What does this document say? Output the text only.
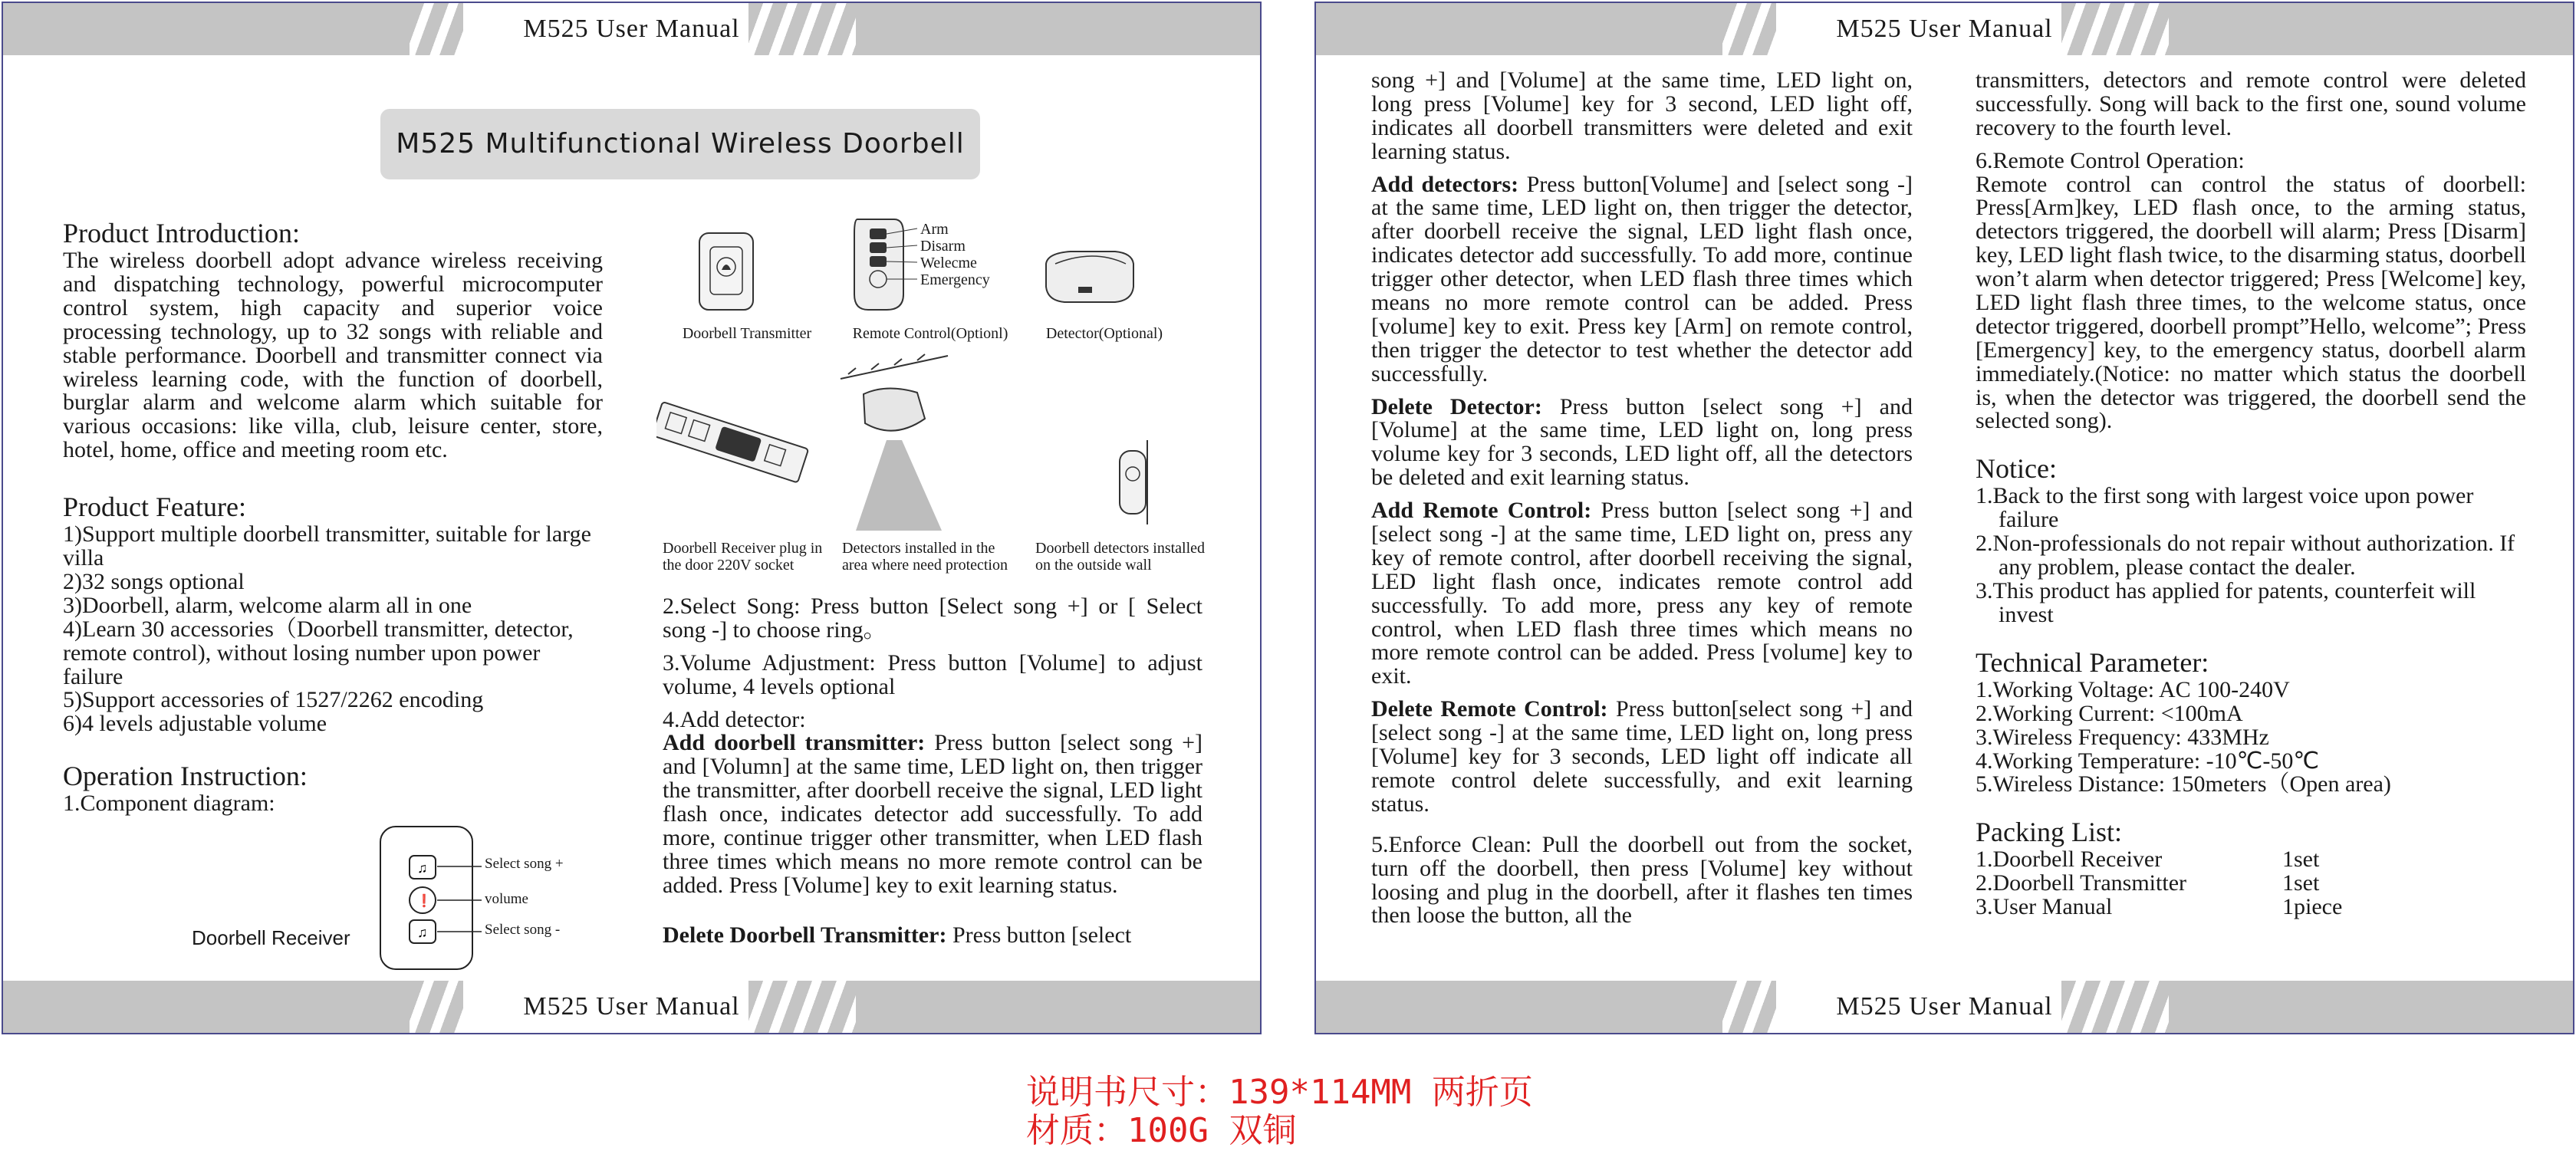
M525 User Manual
M525 Multifunctional Wireless Doorbell
Product Introduction:

The wireless doorbell adopt advance wireless receiving and dispatching technology, powerful microcomputer control system, high capacity and superior voice processing technology, up to 32 songs with reliable and stable performance. Doorbell and transmitter connect via wireless learning code, with the function of doorbell, burglar alarm and welcome alarm which suitable for various occasions: like villa, club, leisure center, store, hotel, home, office and meeting room etc.

Product Feature:
1)Support multiple doorbell transmitter, suitable for large villa
2)32 songs optional
3)Doorbell, alarm, welcome alarm all in one
4)Learn 30 accessories（Doorbell transmitter, detector, remote control), without losing number upon power failure
5)Support accessories of 1527/2262 encoding
6)4 levels adjustable volume
Operation Instruction:
1.Component diagram:
Doorbell Receiver
♫
❗
♫
Select song +
volume
Select song -
Arm
Disarm
Welecme
Emergency
Doorbell Transmitter	Remote Control(Optionl)	Detector(Optional)
Doorbell Receiver plug in the door 220V socket
Detectors installed in the area where need protection
Doorbell detectors installed on the outside wall

2.Select Song: Press button [Select song +] or [ Select song -] to choose ring。

3.Volume Adjustment: Press button [Volume] to adjust volume, 4 levels optional

4.Add detector:

Add doorbell transmitter: Press button [select song +] and [Volumn] at the same time, LED light on, then trigger the transmitter, after doorbell receive the signal, LED light flash once, indicates detector add successfully. To add more, continue trigger other transmitter, when LED flash three times which means no more remote control can be added. Press [Volume] key to exit learning status.

Delete Doorbell Transmitter: Press button [select

M525 User Manual
M525 User Manual

song +] and [Volume] at the same time, LED light on, long press [Volume] key for 3 second, LED light off, indicates all doorbell transmitters were deleted and exit learning status.

Add detectors: Press button[Volume] and [select song -] at the same time, LED light on, then trigger the detector, after doorbell receive the signal, LED light flash once, indicates detector add successfully. To add more, continue trigger other detector, when LED flash three times which means no more remote control can be added. Press [volume] key to exit. Press key [Arm] on remote control, then trigger the detector to test whether the detector add successfully.

Delete Detector: Press button [select song +] and [Volume] at the same time, LED light on, long press volume key for 3 seconds, LED light off, all the detectors be deleted and exit learning status.

Add Remote Control: Press button [select song +] and [select song -] at the same time, LED light on, press any key of remote control, after doorbell receiving the signal, LED light flash once, indicates remote control add successfully. To add more, press any key of remote control, when LED flash three times which means no more remote control can be added. Press [volume] key to exit.

Delete Remote Control: Press button[select song +] and [select song -] at the same time, LED light on, long press [Volume] key for 3 seconds, LED light off indicate all remote control delete successfully, and exit learning status.

5.Enforce Clean: Pull the doorbell out from the socket, turn off the doorbell, then press [Volume] key without loosing and plug in the doorbell, after it flashes ten times then loose the button, all the

transmitters, detectors and remote control were deleted successfully. Song will back to the first one, sound volume recovery to the fourth level.

6.Remote Control Operation:

Remote control can control the status of doorbell: Press[Arm]key, LED flash once, to the arming status, detectors triggered, the doorbell will alarm; Press [Disarm] key, LED light flash twice, to the disarming status, doorbell won’t alarm when detector triggered; Press [Welcome] key, LED light flash three times, to the welcome status, once detector triggered, doorbell prompt”Hello, welcome”; Press [Emergency] key, to the emergency status, doorbell alarm immediately.(Notice: no matter which status the doorbell is, when the detector was triggered, the doorbell send the selected song).

Notice:
1.Back to the first song with largest voice upon power failure
2.Non-professionals do not repair without authorization. If any problem, please contact the dealer.
3.This product has applied for patents, counterfeit will invest
Technical Parameter:
1.Working Voltage: AC 100-240V
2.Working Current: <100mA
3.Wireless Frequency: 433MHz
4.Working Temperature: -10℃-50℃
5.Wireless Distance: 150meters（Open area)
Packing List:
1.Doorbell Receiver	1set
2.Doorbell Transmitter	1set
3.User Manual	1piece
M525 User Manual
说明书尺寸：139*114MM 两折页
材质：100G 双铜
